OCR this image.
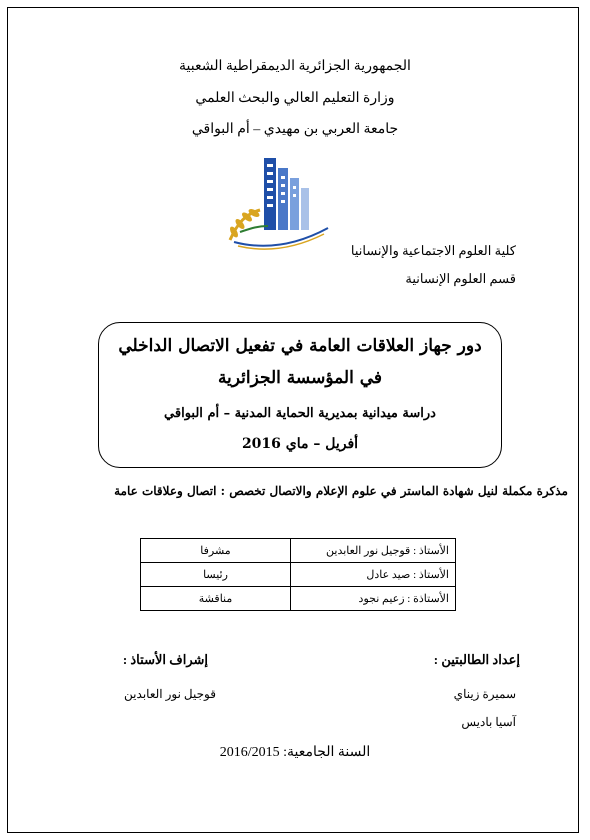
الجمهورية الجزائرية الديمقراطية الشعبية
وزارة التعليم العالي والبحث العلمي
جامعة العربي بن مهيدي – أم البواقي
كلية العلوم الاجتماعية والإنسانيا
قسم العلوم الإنسانية
دور جهاز العلاقات العامة في تفعيل الاتصال الداخلي
في المؤسسة الجزائرية
دراسة ميدانية بمديرية الحماية المدنية – أم البواقي
أفريل – ماي 2016
مذكرة مكملة لنيل شهادة الماستر في علوم الإعلام والاتصال تخصص : اتصال وعلاقات عامة
الأستاذ : قوجيل نور العابدين	مشرفا
الأستاذ : صيد عادل	رئيسا
الأستاذة : زعيم نجود	مناقشة
إعداد الطالبتين :
إشراف الأستاذ :
سميرة زيناي
قوجيل نور العابدين
آسيا باديس
السنة الجامعية: 2016/2015
